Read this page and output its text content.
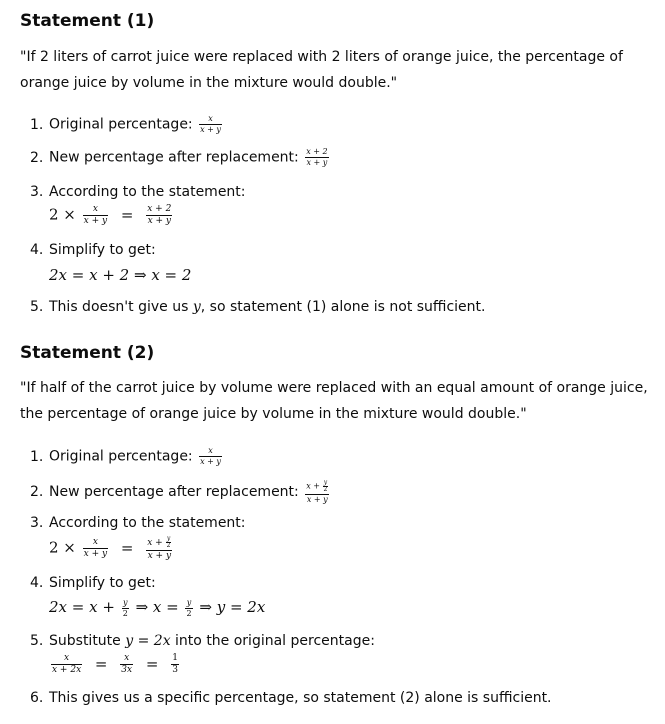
Statement (1)

"If 2 liters of carrot juice were replaced with 2 liters of orange juice, the percentage of orange juice by volume in the mixture would double."

1. Original percentage: $\frac{x}{x + y}$
2. New percentage after replacement: $\frac{x + 2}{x + y}$
3. According to the statement:
$2 \times \frac{x}{x + y} = \frac{x + 2}{x + y}$
4. Simplify to get:
2x = x + 2 ⇒ x = 2
5. This doesn't give us y, so statement (1) alone is not sufficient.
Statement (2)

"If half of the carrot juice by volume were replaced with an equal amount of orange juice, the percentage of orange juice by volume in the mixture would double."

1. Original percentage: $\frac{x}{x + y}$
2. New percentage after replacement: $\frac{x + \frac{y}{2}}{x + y}$
3. According to the statement:
$2 \times \frac{x}{x + y} = \frac{x + \frac{y}{2}}{x + y}$
4. Simplify to get:
$2x = x + \frac{y}{2}$ ⇒ $x = \frac{y}{2}$ ⇒ y = 2x
5. Substitute y = 2x into the original percentage:
$\frac{x}{x + 2x} = \frac{x}{3x} = \frac{1}{3}$
6. This gives us a specific percentage, so statement (2) alone is sufficient.
